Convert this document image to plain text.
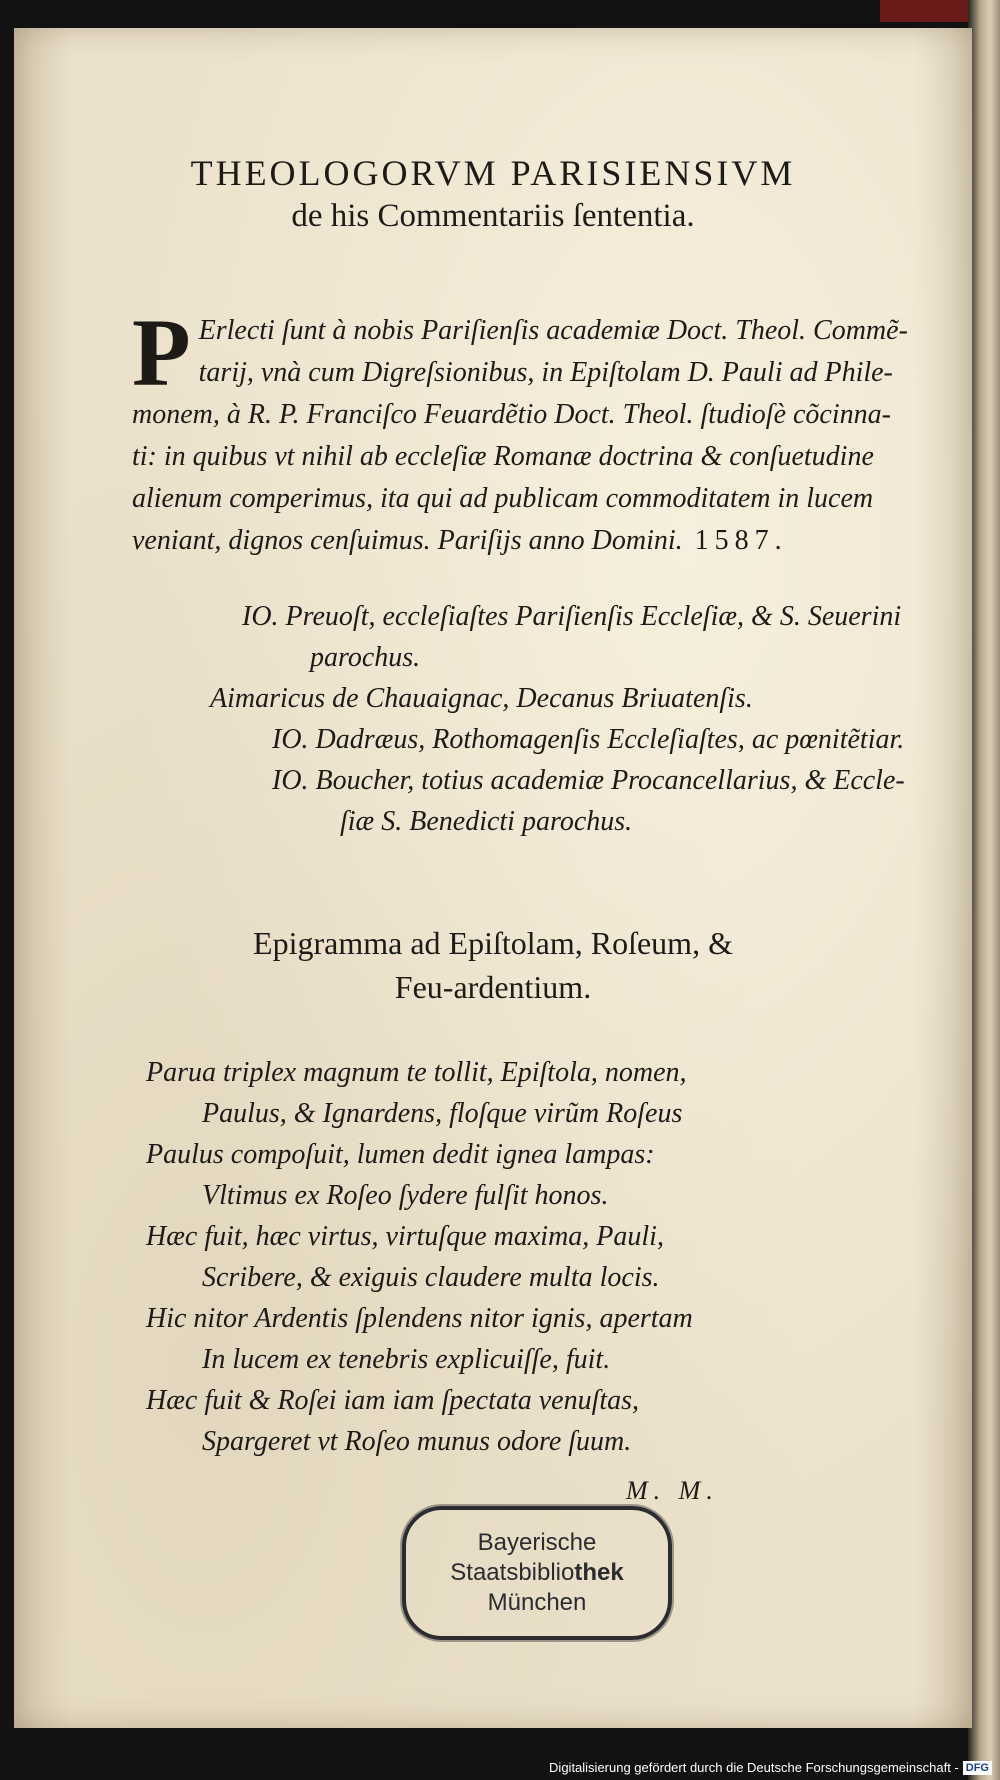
THEOLOGORVM PARISIENSIVM
de his Commentariis ſententia.
P Erlecti ſunt à nobis Pariſienſis academiæ Doct. Theol. Commẽ-
tarij, vnà cum Digreſsionibus, in Epiſtolam D. Pauli ad Phile-
monem, à R. P. Franciſco Feuardẽtio Doct. Theol. ſtudioſè cõcinna-
ti: in quibus vt nihil ab eccleſiæ Romanæ doctrina & conſuetudine
alienum comperimus, ita qui ad publicam commoditatem in lucem
veniant, dignos cenſuimus. Pariſijs anno Domini. 1587.
IO. Preuoſt, eccleſiaſtes Pariſienſis Eccleſiæ, & S. Seuerini
parochus.
Aimaricus de Chauaignac, Decanus Briuatenſis.
IO. Dadræus, Rothomagenſis Eccleſiaſtes, ac pœnitẽtiar.
IO. Boucher, totius academiæ Procancellarius, & Eccle-
ſiæ S. Benedicti parochus.
Epigramma ad Epiſtolam, Roſeum, &
Feu-ardentium.
Parua triplex magnum te tollit, Epiſtola, nomen,
Paulus, & Ignardens, floſque virũm Roſeus
Paulus compoſuit, lumen dedit ignea lampas:
Vltimus ex Roſeo ſydere fulſit honos.
Hæc fuit, hæc virtus, virtuſque maxima, Pauli,
Scribere, & exiguis claudere multa locis.
Hic nitor Ardentis ſplendens nitor ignis, apertam
In lucem ex tenebris explicuiſſe, fuit.
Hæc fuit & Roſei iam iam ſpectata venuſtas,
Spargeret vt Roſeo munus odore ſuum.
M. M.
Bayerische
Staatsbibliothek
München
Digitalisierung gefördert durch die Deutsche Forschungsgemeinschaft - DFG
